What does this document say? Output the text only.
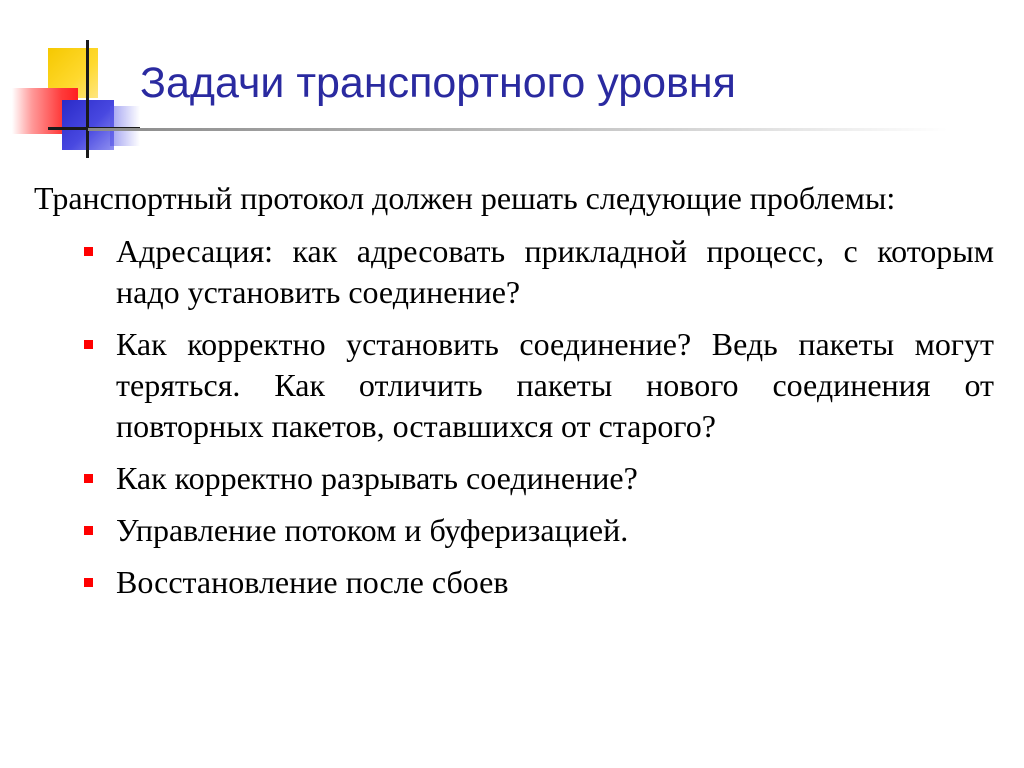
Задачи транспортного уровня

Транспортный протокол должен решать следующие проблемы:

Адресация: как адресовать прикладной процесс, с которым надо установить соединение?
Как корректно установить соединение? Ведь пакеты могут теряться. Как отличить пакеты нового соединения от повторных пакетов, оставшихся от старого?
Как корректно разрывать соединение?
Управление потоком и буферизацией.
Восстановление после сбоев
